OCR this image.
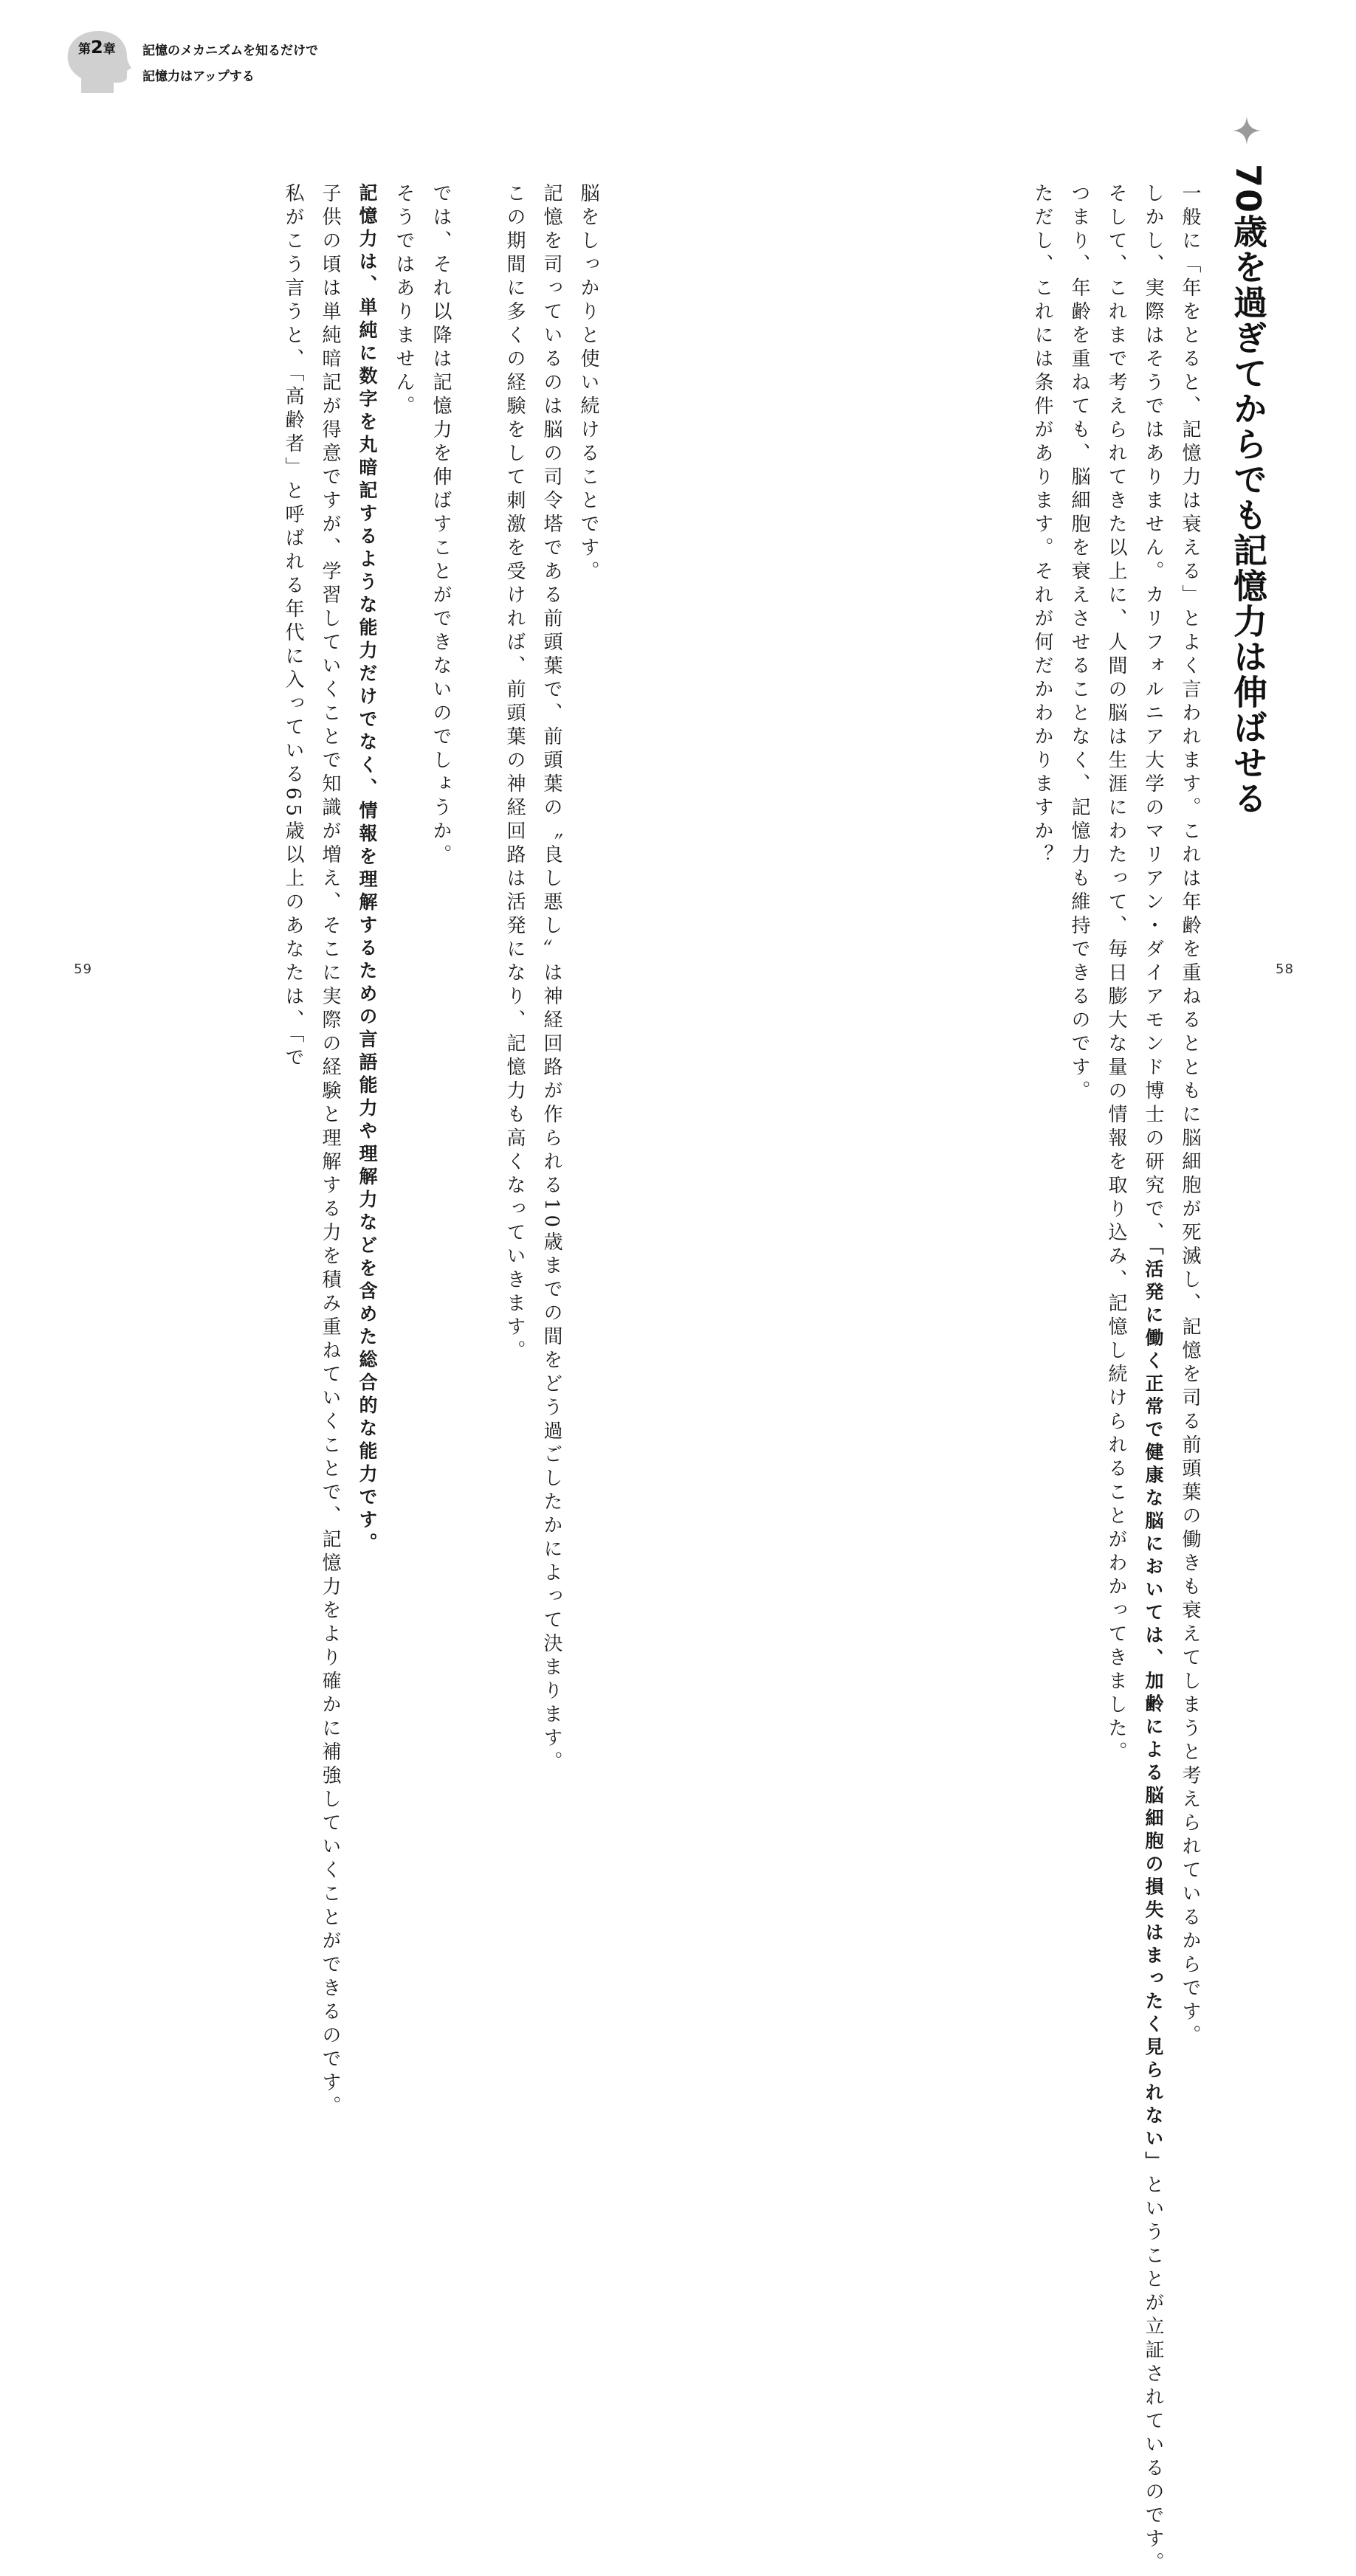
第2章 記憶のメカニズムを知るだけで
記憶力はアップする
70歳を過ぎてからでも記憶力は伸ばせる
一般に「年をとると、記憶力は衰える」とよく言われます。これは年齢を重ねるとともに脳細胞が死滅し、記憶を司る前頭葉の働きも衰えてしまうと考えられているからです。
しかし、実際はそうではありません。カリフォルニア大学のマリアン・ダイアモンド博士の研究で、「活発に働く正常で健康な脳においては、加齢による脳細胞の損失はまったく見られない」ということが立証されているのです。
そして、これまで考えられてきた以上に、人間の脳は生涯にわたって、毎日膨大な量の情報を取り込み、記憶し続けられることがわかってきました。
つまり、年齢を重ねても、脳細胞を衰えさせることなく、記憶力も維持できるのです。
ただし、これには条件があります。それが何だかわかりますか？
脳をしっかりと使い続けることです。
記憶を司っているのは脳の司令塔である前頭葉で、前頭葉の〝良し悪し〟は神経回路が作られる10歳までの間をどう過ごしたかによって決まります。
この期間に多くの経験をして刺激を受ければ、前頭葉の神経回路は活発になり、記憶力も高くなっていきます。
では、それ以降は記憶力を伸ばすことができないのでしょうか。
そうではありません。
記憶力は、単純に数字を丸暗記するような能力だけでなく、情報を理解するための言語能力や理解力などを含めた総合的な能力です。
子供の頃は単純暗記が得意ですが、学習していくことで知識が増え、そこに実際の経験と理解する力を積み重ねていくことで、記憶力をより確かに補強していくことができるのです。
私がこう言うと、「高齢者」と呼ばれる年代に入っている65歳以上のあなたは、「で
59	58
